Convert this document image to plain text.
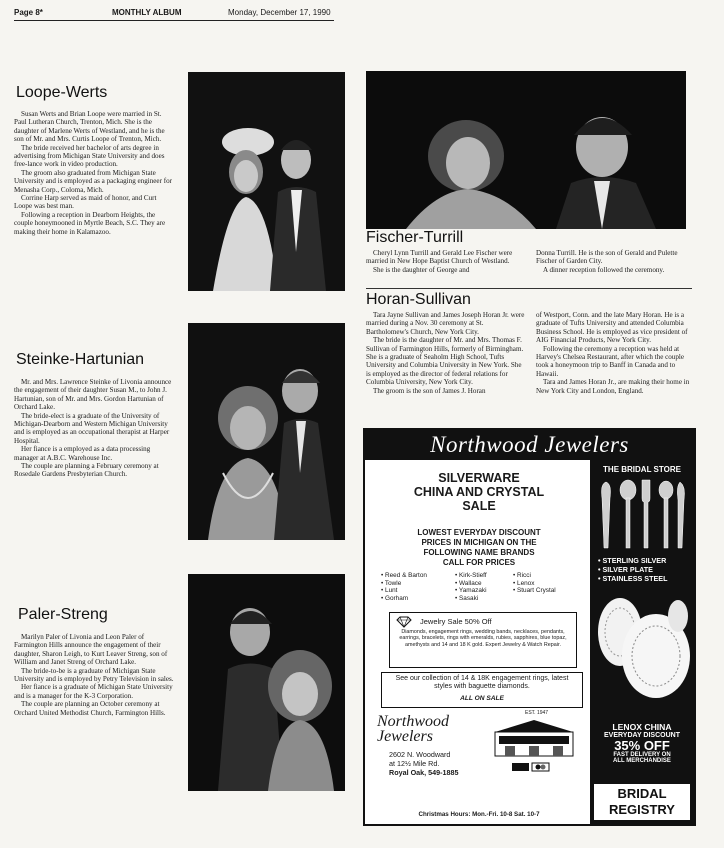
Page 8*	MONTHLY ALBUM	Monday, December 17, 1990
Loope-Werts

Susan Werts and Brian Loope were married in St. Paul Lutheran Church, Trenton, Mich. She is the daughter of Marlene Werts of Westland, and he is the son of Mr. and Mrs. Curtis Loope of Trenton, Mich.

The bride received her bachelor of arts degree in advertising from Michigan State University and does free-lance work in video production.

The groom also graduated from Michigan State University and is employed as a packaging engineer for Menasha Corp., Coloma, Mich.

Corrine Harp served as maid of honor, and Curt Loope was best man.

Following a reception in Dearborn Heights, the couple honeymooned in Myrtle Beach, S.C. They are making their home in Kalamazoo.

Steinke-Hartunian

Mr. and Mrs. Lawrence Steinke of Livonia announce the engagement of their daughter Susan M., to John J. Hartunian, son of Mr. and Mrs. Gordon Hartunian of Orchard Lake.

The bride-elect is a graduate of the University of Michigan-Dearborn and Western Michigan University and is employed as an occupational therapist at Harper Hospital.

Her fiance is a employed as a data processing manager at A.B.C. Warehouse Inc.

The couple are planning a February ceremony at Rosedale Gardens Presbyterian Church.

Paler-Streng

Marilyn Paler of Livonia and Leon Paler of Farmington Hills announce the engagement of their daughter, Sharon Leigh, to Kurt Leaver Streng, son of William and Janet Streng of Orchard Lake.

The bride-to-be is a graduate of Michigan State University and is employed by Petry Television in sales.

Her fiance is a graduate of Michigan State University and is a manager for the K-3 Corporation.

The couple are planning an October ceremony at Orchard United Methodist Church, Farmington Hills.

Fischer-Turrill

Cheryl Lynn Turrill and Gerald Lee Fischer were married in New Hope Baptist Church of Westland.

She is the daughter of George and

Donna Turrill. He is the son of Gerald and Pulette Fischer of Garden City.

A dinner reception followed the ceremony.

Horan-Sullivan

Tara Jayne Sullivan and James Joseph Horan Jr. were married during a Nov. 30 ceremony at St. Bartholomew's Church, New York City.

The bride is the daughter of Mr. and Mrs. Thomas F. Sullivan of Farmington Hills, formerly of Birmingham. She is a graduate of Seaholm High School, Tufts University and Columbia University in New York. She is employed as the director of federal relations for Columbia University, New York City.

The groom is the son of James J. Horan

of Westport, Conn. and the late Mary Horan. He is a graduate of Tufts University and attended Columbia Business School. He is employed as vice president of AIG Financial Products, New York City.

Following the ceremony a reception was held at Harvey's Chelsea Restaurant, after which the couple took a honeymoon trip to Banff in Canada and to Hawaii.

Tara and James Horan Jr., are making their home in New York City and London, England.

Northwood Jewelers
SILVERWARE
CHINA AND CRYSTAL
SALE
LOWEST EVERYDAY DISCOUNT
PRICES IN MICHIGAN ON THE
FOLLOWING NAME BRANDS
CALL FOR PRICES
• Reed & Barton
• Towle
• Lunt
• Gorham
• Kirk-Stieff
• Wallace
• Yamazaki
• Sasaki
• Ricci
• Lenox
• Stuart Crystal
Jewelry Sale 50% Off
Diamonds, engagement rings, wedding bands, necklaces, pendants, earrings, bracelets, rings with emeralds, rubies, sapphires, blue topaz, amethysts and 14 and 18 K gold. Expert Jewelry & Watch Repair.
See our collection of 14 & 18K engagement rings, latest styles with baguette diamonds.
ALL ON SALE
Northwood Jewelers
2602 N. Woodward
at 12½ Mile Rd.
Royal Oak, 549-1885
EST. 1947
Christmas Hours: Mon.-Fri. 10-8 Sat. 10-7
THE BRIDAL STORE
• STERLING SILVER
• SILVER PLATE
• STAINLESS STEEL
LENOX CHINA
EVERYDAY DISCOUNT
35% OFF
FAST DELIVERY ON
ALL MERCHANDISE
BRIDAL
REGISTRY
